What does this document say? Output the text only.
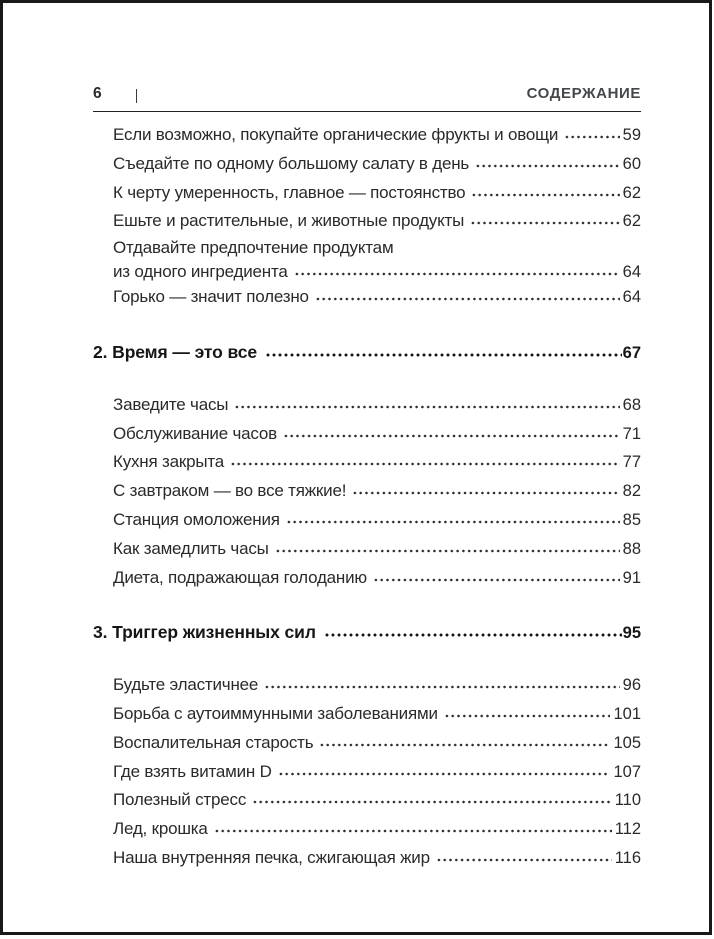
6	СОДЕРЖАНИЕ
Если возможно, покупайте органические фрукты и овощи	59
Съедайте по одному большому салату в день	60
К черту умеренность, главное — постоянство	62
Ешьте и растительные, и животные продукты	62
Отдавайте предпочтение продуктам
из одного ингредиента	64
Горько — значит полезно	64
2. Время — это все	67
Заведите часы	68
Обслуживание часов	71
Кухня закрыта	77
С завтраком — во все тяжкие!	82
Станция омоложения	85
Как замедлить часы	88
Диета, подражающая голоданию	91
3. Триггер жизненных сил	95
Будьте эластичнее	96
Борьба с аутоиммунными заболеваниями	101
Воспалительная старость	105
Где взять витамин D	107
Полезный стресс	110
Лед, крошка	112
Наша внутренняя печка, сжигающая жир	116
